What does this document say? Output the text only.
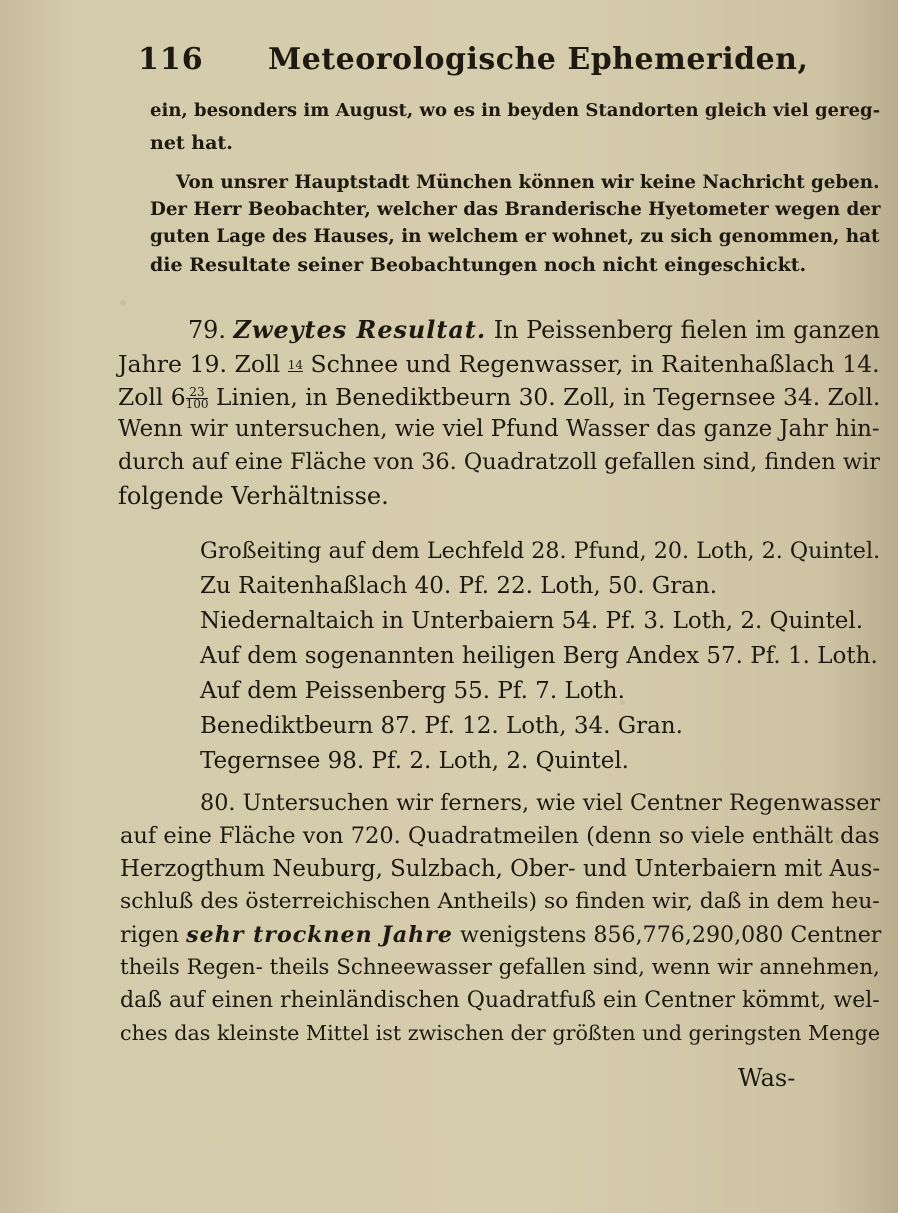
116 Meteorologische Ephemeriden,
ein, besonders im August, wo es in beyden Standorten gleich viel gereg-
net hat.
Von unsrer Hauptstadt München können wir keine Nachricht geben.
Der Herr Beobachter, welcher das Branderische Hyetometer wegen der
guten Lage des Hauses, in welchem er wohnet, zu sich genommen, hat
die Resultate seiner Beobachtungen noch nicht eingeschickt.
79. Zweytes Resultat. In Peissenberg fielen im ganzen
Jahre 19. Zoll 14 Schnee und Regenwasser, in Raitenhaßlach 14.
Zoll $6 \frac{23}{100}$ Linien, in Benediktbeurn 30. Zoll, in Tegernsee 34. Zoll.
Wenn wir untersuchen, wie viel Pfund Wasser das ganze Jahr hin-
durch auf eine Fläche von 36. Quadratzoll gefallen sind, finden wir
folgende Verhältnisse.
Großeiting auf dem Lechfeld 28. Pfund, 20. Loth, 2. Quintel.
Zu Raitenhaßlach 40. Pf. 22. Loth, 50. Gran.
Niedernaltaich in Unterbaiern 54. Pf. 3. Loth, 2. Quintel.
Auf dem sogenannten heiligen Berg Andex 57. Pf. 1. Loth.
Auf dem Peissenberg 55. Pf. 7. Loth.
Benediktbeurn 87. Pf. 12. Loth, 34. Gran.
Tegernsee 98. Pf. 2. Loth, 2. Quintel.
80. Untersuchen wir ferners, wie viel Centner Regenwasser
auf eine Fläche von 720. Quadratmeilen (denn so viele enthält das
Herzogthum Neuburg, Sulzbach, Ober- und Unterbaiern mit Aus-
schluß des österreichischen Antheils) so finden wir, daß in dem heu-
rigen sehr trocknen Jahre wenigstens 856,776,290,080 Centner
theils Regen- theils Schneewasser gefallen sind, wenn wir annehmen,
daß auf einen rheinländischen Quadratfuß ein Centner kömmt, wel-
ches das kleinste Mittel ist zwischen der größten und geringsten Menge
Was-
